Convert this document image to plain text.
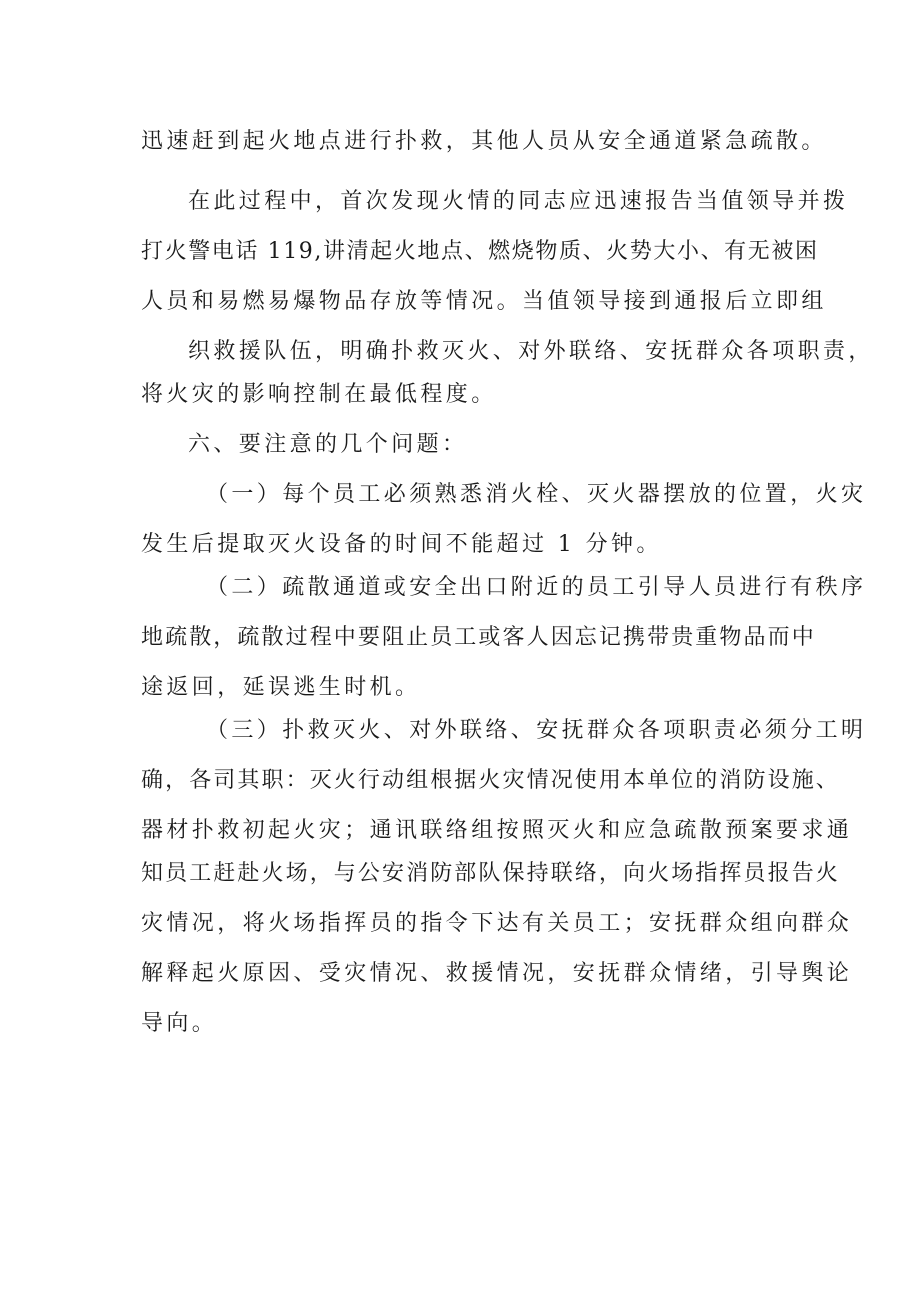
迅速赶到起火地点进行扑救，其他人员从安全通道紧急疏散。
在此过程中，首次发现火情的同志应迅速报告当值领导并拨
打火警电话 119,讲清起火地点、燃烧物质、火势大小、有无被困
人员和易燃易爆物品存放等情况。当值领导接到通报后立即组
织救援队伍，明确扑救灭火、对外联络、安抚群众各项职责，
将火灾的影响控制在最低程度。
六、要注意的几个问题：
（一）每个员工必须熟悉消火栓、灭火器摆放的位置，火灾
发生后提取灭火设备的时间不能超过 1 分钟。
（二）疏散通道或安全出口附近的员工引导人员进行有秩序
地疏散，疏散过程中要阻止员工或客人因忘记携带贵重物品而中
途返回，延误逃生时机。
（三）扑救灭火、对外联络、安抚群众各项职责必须分工明
确，各司其职：灭火行动组根据火灾情况使用本单位的消防设施、
器材扑救初起火灾；通讯联络组按照灭火和应急疏散预案要求通
知员工赶赴火场，与公安消防部队保持联络，向火场指挥员报告火
灾情况，将火场指挥员的指令下达有关员工；安抚群众组向群众
解释起火原因、受灾情况、救援情况，安抚群众情绪，引导舆论
导向。
